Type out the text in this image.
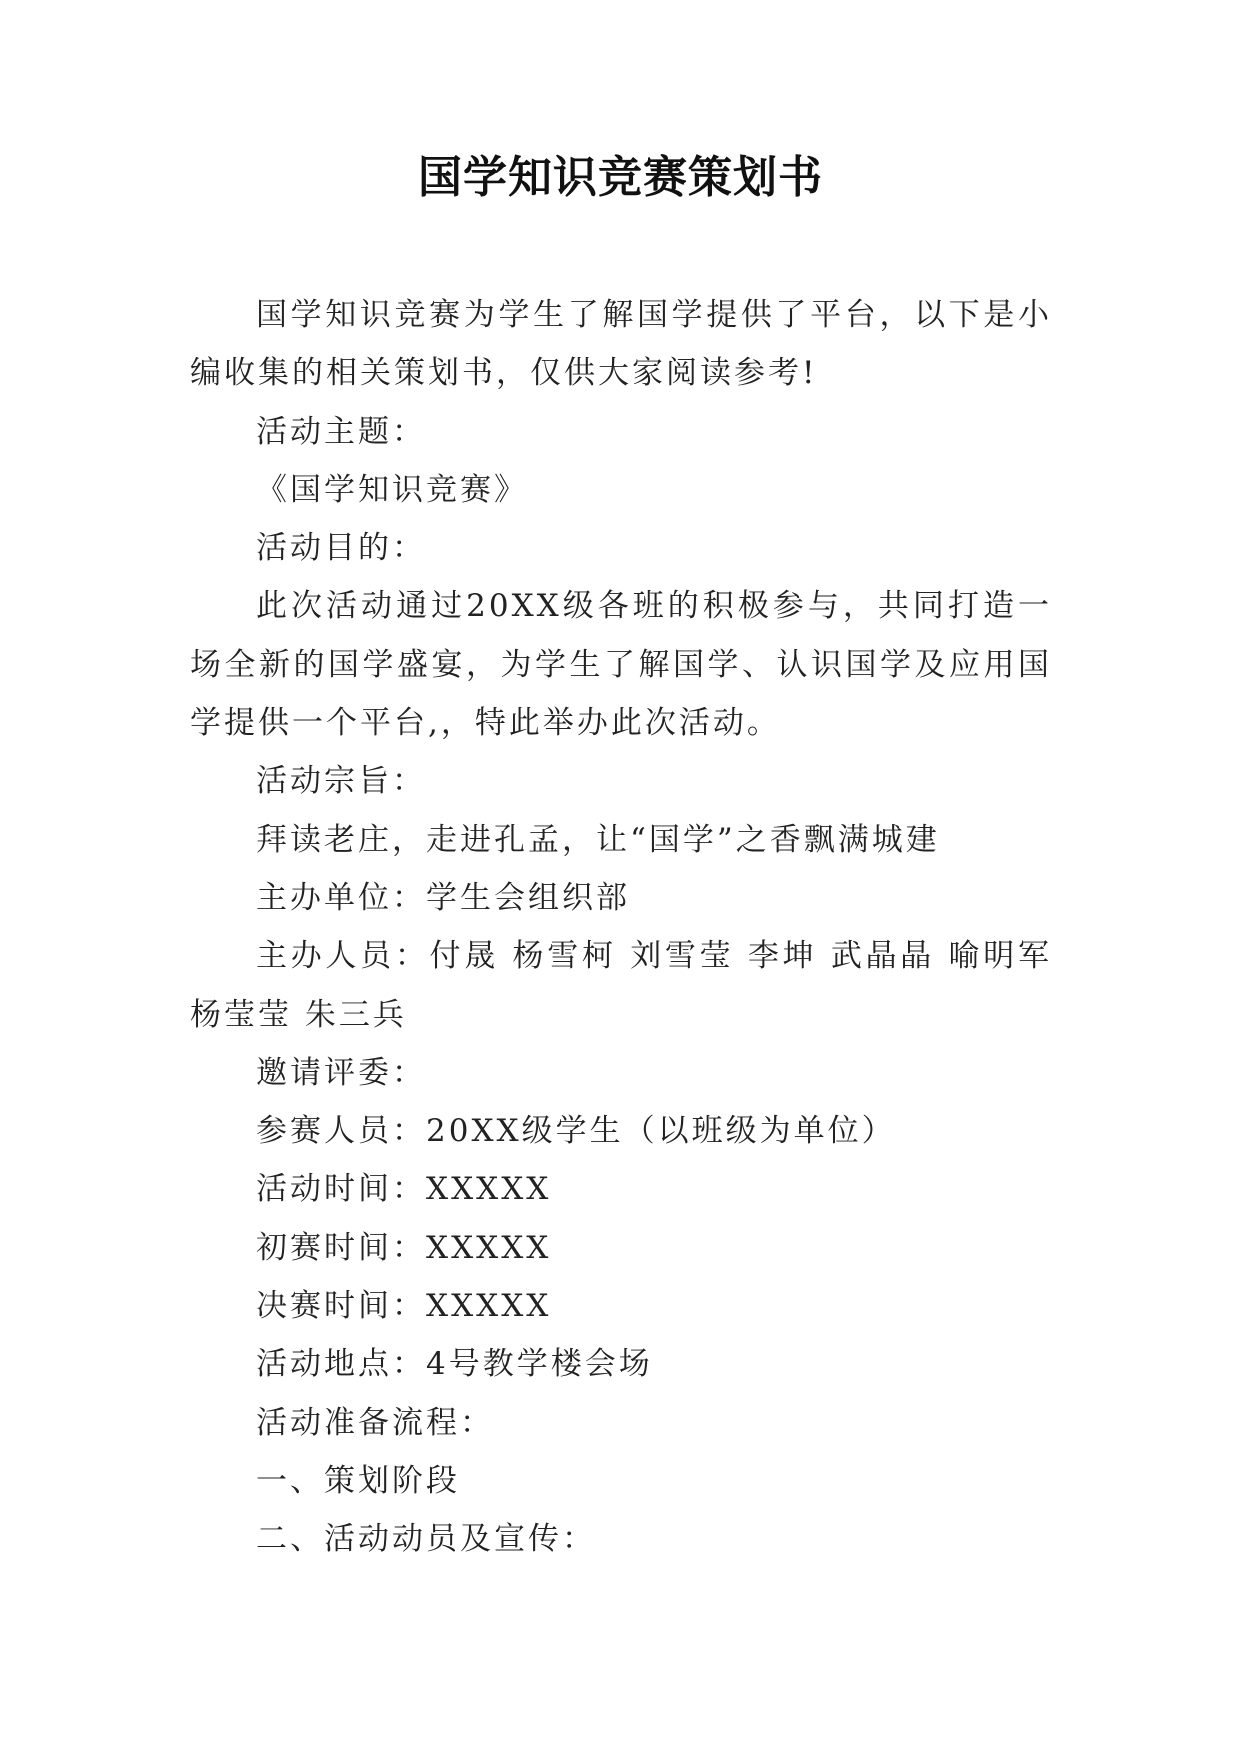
国学知识竞赛策划书

国学知识竞赛为学生了解国学提供了平台，以下是小编收集的相关策划书，仅供大家阅读参考!

活动主题：

《国学知识竞赛》

活动目的：

此次活动通过20XX级各班的积极参与，共同打造一场全新的国学盛宴，为学生了解国学、认识国学及应用国学提供一个平台,，特此举办此次活动。

活动宗旨：

拜读老庄，走进孔孟，让“国学”之香飘满城建

主办单位：学生会组织部

主办人员：付晟 杨雪柯 刘雪莹 李坤 武晶晶 喻明军 杨莹莹 朱三兵

邀请评委：

参赛人员：20XX级学生（以班级为单位）

活动时间：XXXXX

初赛时间：XXXXX

决赛时间：XXXXX

活动地点：4号教学楼会场

活动准备流程：

一、策划阶段

二、活动动员及宣传：
